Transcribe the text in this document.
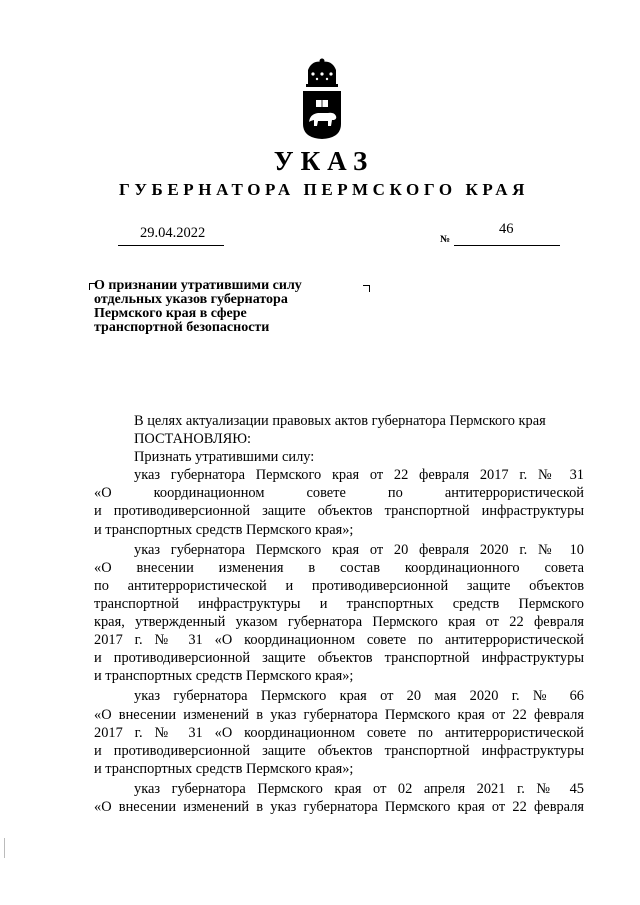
УКАЗ
ГУБЕРНАТОРА ПЕРМСКОГО КРАЯ
29.04.2022	№
46
О признании утратившими силу
отдельных указов губернатора
Пермского края в сфере
транспортной безопасности
В целях актуализации правовых актов губернатора Пермского края
ПОСТАНОВЛЯЮ:
Признать утратившими силу:
указ губернатора Пермского края от 22 февраля 2017 г. № 31
«О координационном совете по антитеррористической
и противодиверсионной защите объектов транспортной инфраструктуры
и транспортных средств Пермского края»;
указ губернатора Пермского края от 20 февраля 2020 г. № 10
«О внесении изменения в состав координационного совета
по антитеррористической и противодиверсионной защите объектов
транспортной инфраструктуры и транспортных средств Пермского
края, утвержденный указом губернатора Пермского края от 22 февраля
2017 г. № 31 «О координационном совете по антитеррористической
и противодиверсионной защите объектов транспортной инфраструктуры
и транспортных средств Пермского края»;
указ губернатора Пермского края от 20 мая 2020 г. № 66
«О внесении изменений в указ губернатора Пермского края от 22 февраля
2017 г. № 31 «О координационном совете по антитеррористической
и противодиверсионной защите объектов транспортной инфраструктуры
и транспортных средств Пермского края»;
указ губернатора Пермского края от 02 апреля 2021 г. № 45
«О внесении изменений в указ губернатора Пермского края от 22 февраля
